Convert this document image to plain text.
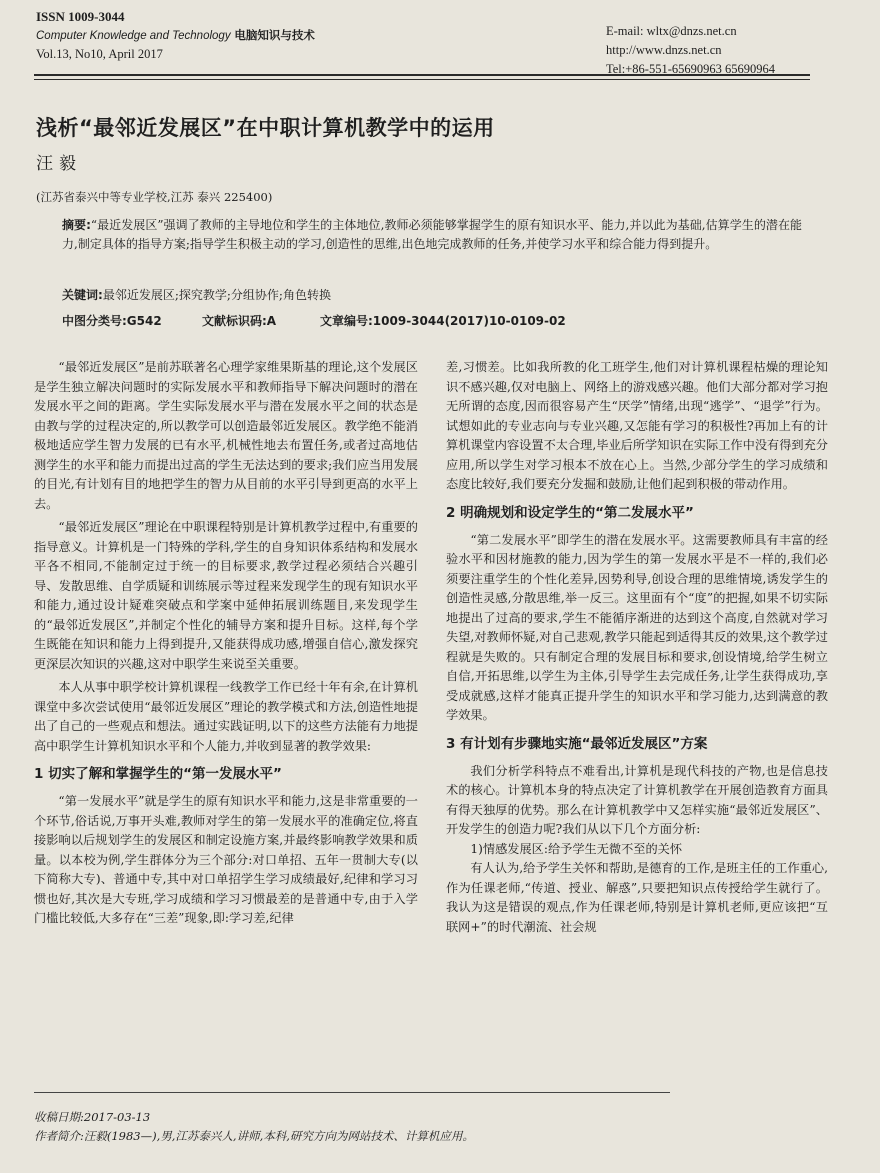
ISSN 1009-3044
Computer Knowledge and Technology 电脑知识与技术
Vol.13, No10, April 2017
E-mail: wltx@dnzs.net.cn
http://www.dnzs.net.cn
Tel:+86-551-65690963 65690964
浅析“最邻近发展区”在中职计算机教学中的运用
汪毅
(江苏省泰兴中等专业学校,江苏 泰兴 225400)
摘要:“最近发展区”强调了教师的主导地位和学生的主体地位,教师必须能够掌握学生的原有知识水平、能力,并以此为基础,估算学生的潜在能力,制定具体的指导方案;指导学生积极主动的学习,创造性的思维,出色地完成教师的任务,并使学习水平和综合能力得到提升。
关键词:最邻近发展区;探究教学;分组协作;角色转换
中图分类号:G542	文献标识码:A	文章编号:1009-3044(2017)10-0109-02

“最邻近发展区”是前苏联著名心理学家维果斯基的理论,这个发展区是学生独立解决问题时的实际发展水平和教师指导下解决问题时的潜在发展水平之间的距离。学生实际发展水平与潜在发展水平之间的状态是由教与学的过程决定的,所以教学可以创造最邻近发展区。教学绝不能消极地适应学生智力发展的已有水平,机械性地去布置任务,或者过高地估测学生的水平和能力而提出过高的学生无法达到的要求;我们应当用发展的目光,有计划有目的地把学生的智力从目前的水平引导到更高的水平上去。

“最邻近发展区”理论在中职课程特别是计算机教学过程中,有重要的指导意义。计算机是一门特殊的学科,学生的自身知识体系结构和发展水平各不相同,不能制定过于统一的目标要求,教学过程必须结合兴趣引导、发散思维、自学质疑和训练展示等过程来发现学生的现有知识水平和能力,通过设计疑难突破点和学案中延伸拓展训练题目,来发现学生的“最邻近发展区”,并制定个性化的辅导方案和提升目标。这样,每个学生既能在知识和能力上得到提升,又能获得成功感,增强自信心,激发探究更深层次知识的兴趣,这对中职学生来说至关重要。

本人从事中职学校计算机课程一线教学工作已经十年有余,在计算机课堂中多次尝试使用“最邻近发展区”理论的教学模式和方法,创造性地提出了自己的一些观点和想法。通过实践证明,以下的这些方法能有力地提高中职学生计算机知识水平和个人能力,并收到显著的教学效果:

1 切实了解和掌握学生的“第一发展水平”

“第一发展水平”就是学生的原有知识水平和能力,这是非常重要的一个环节,俗话说,万事开头难,教师对学生的第一发展水平的准确定位,将直接影响以后规划学生的发展区和制定设施方案,并最终影响教学效果和质量。以本校为例,学生群体分为三个部分:对口单招、五年一贯制大专(以下简称大专)、普通中专,其中对口单招学生学习成绩最好,纪律和学习习惯也好,其次是大专班,学习成绩和学习习惯最差的是普通中专,由于入学门槛比较低,大多存在“三差”现象,即:学习差,纪律

差,习惯差。比如我所教的化工班学生,他们对计算机课程枯燥的理论知识不感兴趣,仅对电脑上、网络上的游戏感兴趣。他们大部分都对学习抱无所谓的态度,因而很容易产生“厌学”情绪,出现“逃学”、“退学”行为。试想如此的专业志向与专业兴趣,又怎能有学习的积极性?再加上有的计算机课堂内容设置不太合理,毕业后所学知识在实际工作中没有得到充分应用,所以学生对学习根本不放在心上。当然,少部分学生的学习成绩和态度比较好,我们要充分发掘和鼓励,让他们起到积极的带动作用。

2 明确规划和设定学生的“第二发展水平”

“第二发展水平”即学生的潜在发展水平。这需要教师具有丰富的经验水平和因材施教的能力,因为学生的第一发展水平是不一样的,我们必须要注重学生的个性化差异,因势利导,创设合理的思维情境,诱发学生的创造性灵感,分散思维,举一反三。这里面有个“度”的把握,如果不切实际地提出了过高的要求,学生不能循序渐进的达到这个高度,自然就对学习失望,对教师怀疑,对自己悲观,教学只能起到适得其反的效果,这个教学过程就是失败的。只有制定合理的发展目标和要求,创设情境,给学生树立自信,开拓思维,以学生为主体,引导学生去完成任务,让学生获得成功,享受成就感,这样才能真正提升学生的知识水平和学习能力,达到满意的教学效果。

3 有计划有步骤地实施“最邻近发展区”方案

我们分析学科特点不难看出,计算机是现代科技的产物,也是信息技术的核心。计算机本身的特点决定了计算机教学在开展创造教育方面具有得天独厚的优势。那么在计算机教学中又怎样实施“最邻近发展区”、开发学生的创造力呢?我们从以下几个方面分析:

1)情感发展区:给予学生无微不至的关怀

有人认为,给予学生关怀和帮助,是德育的工作,是班主任的工作重心,作为任课老师,“传道、授业、解惑”,只要把知识点传授给学生就行了。我认为这是错误的观点,作为任课老师,特别是计算机老师,更应该把“互联网+”的时代潮流、社会规

收稿日期:2017-03-13
作者简介:汪毅(1983—),男,江苏泰兴人,讲师,本科,研究方向为网站技术、计算机应用。
